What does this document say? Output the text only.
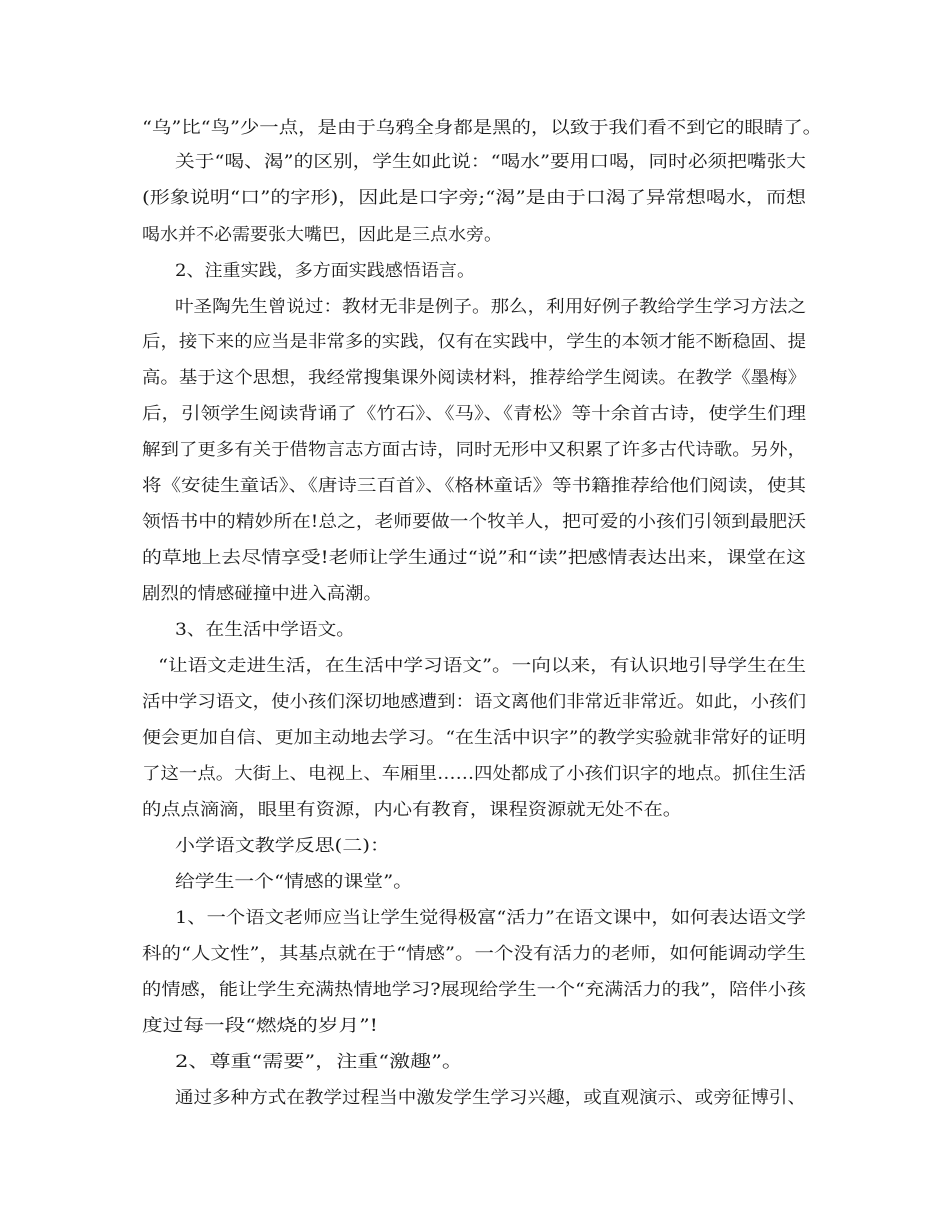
“乌”比“鸟”少一点，是由于乌鸦全身都是黑的，以致于我们看不到它的眼睛了。
关于“喝、渴”的区别，学生如此说：“喝水”要用口喝，同时必须把嘴张大
(形象说明“口”的字形)，因此是口字旁;“渴”是由于口渴了异常想喝水，而想
喝水并不必需要张大嘴巴，因此是三点水旁。
2、注重实践，多方面实践感悟语言。
叶圣陶先生曾说过：教材无非是例子。那么，利用好例子教给学生学习方法之
后，接下来的应当是非常多的实践，仅有在实践中，学生的本领才能不断稳固、提
高。基于这个思想，我经常搜集课外阅读材料，推荐给学生阅读。在教学《墨梅》
后，引领学生阅读背诵了《竹石》、《马》、《青松》等十余首古诗，使学生们理
解到了更多有关于借物言志方面古诗，同时无形中又积累了许多古代诗歌。另外，
将《安徒生童话》、《唐诗三百首》、《格林童话》等书籍推荐给他们阅读，使其
领悟书中的精妙所在!总之，老师要做一个牧羊人，把可爱的小孩们引领到最肥沃
的草地上去尽情享受!老师让学生通过“说”和“读”把感情表达出来，课堂在这
剧烈的情感碰撞中进入高潮。
3、在生活中学语文。
“让语文走进生活，在生活中学习语文”。一向以来，有认识地引导学生在生
活中学习语文，使小孩们深切地感遭到：语文离他们非常近非常近。如此，小孩们
便会更加自信、更加主动地去学习。“在生活中识字”的教学实验就非常好的证明
了这一点。大街上、电视上、车厢里……四处都成了小孩们识字的地点。抓住生活
的点点滴滴，眼里有资源，内心有教育，课程资源就无处不在。
小学语文教学反思(二)：
给学生一个“情感的课堂”。
1、一个语文老师应当让学生觉得极富“活力”在语文课中，如何表达语文学
科的“人文性”，其基点就在于“情感”。一个没有活力的老师，如何能调动学生
的情感，能让学生充满热情地学习?展现给学生一个“充满活力的我”，陪伴小孩
度过每一段“燃烧的岁月”!
2、尊重“需要”，注重“激趣”。
通过多种方式在教学过程当中激发学生学习兴趣，或直观演示、或旁征博引、
